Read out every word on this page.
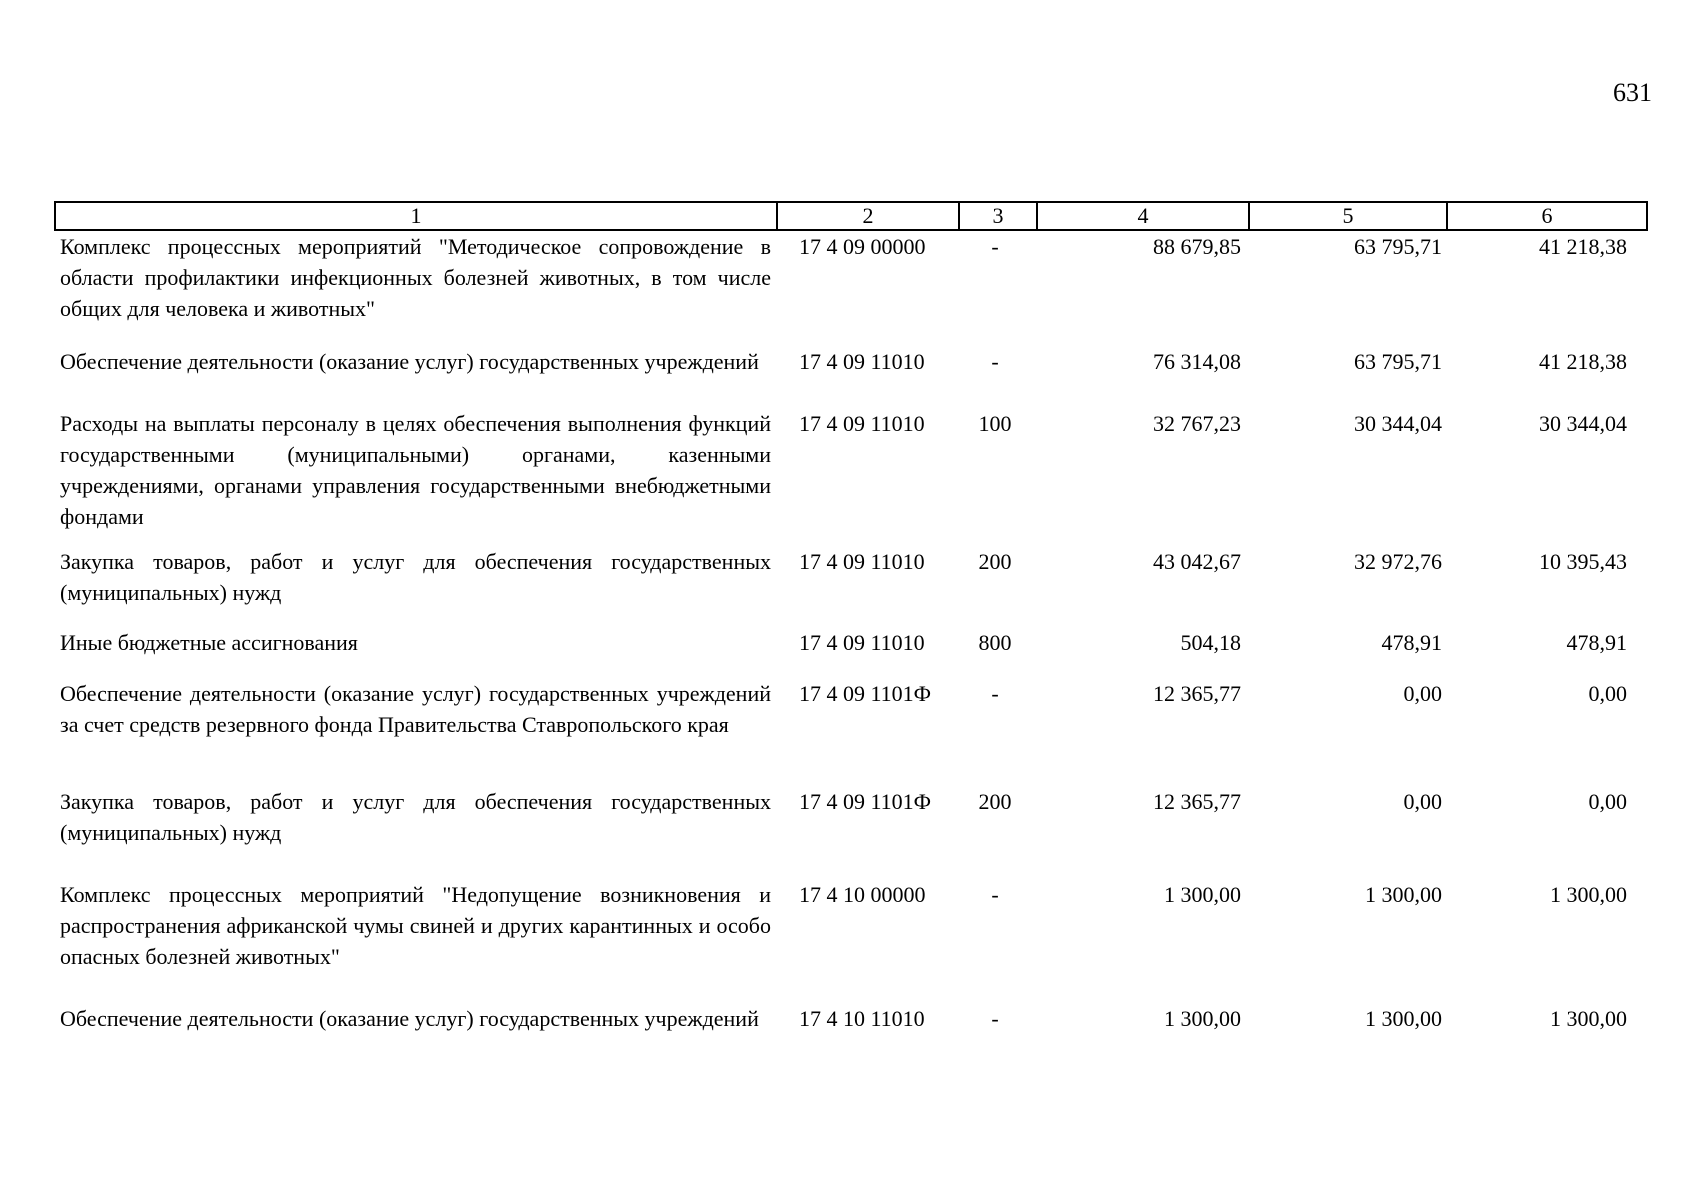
631
1	2	3	4	5	6
Комплекс процессных мероприятий "Методическое сопровождение в области профилактики инфекционных болезней животных, в том числе общих для человека и животных"	17 4 09 00000	-	88 679,85	63 795,71	41 218,38
Обеспечение деятельности (оказание услуг) государственных учреждений	17 4 09 11010	-	76 314,08	63 795,71	41 218,38
Расходы на выплаты персоналу в целях обеспечения выполнения функций государственными (муниципальными) органами, казенными учреждениями, органами управления государственными внебюджетными фондами	17 4 09 11010	100	32 767,23	30 344,04	30 344,04
Закупка товаров, работ и услуг для обеспечения государственных (муниципальных) нужд	17 4 09 11010	200	43 042,67	32 972,76	10 395,43
Иные бюджетные ассигнования	17 4 09 11010	800	504,18	478,91	478,91
Обеспечение деятельности (оказание услуг) государственных учреждений за счет средств резервного фонда Правительства Ставропольского края	17 4 09 1101Ф	-	12 365,77	0,00	0,00
Закупка товаров, работ и услуг для обеспечения государственных (муниципальных) нужд	17 4 09 1101Ф	200	12 365,77	0,00	0,00
Комплекс процессных мероприятий "Недопущение возникновения и распространения африканской чумы свиней и других карантинных и особо опасных болезней животных"	17 4 10 00000	-	1 300,00	1 300,00	1 300,00
Обеспечение деятельности (оказание услуг) государственных учреждений	17 4 10 11010	-	1 300,00	1 300,00	1 300,00
